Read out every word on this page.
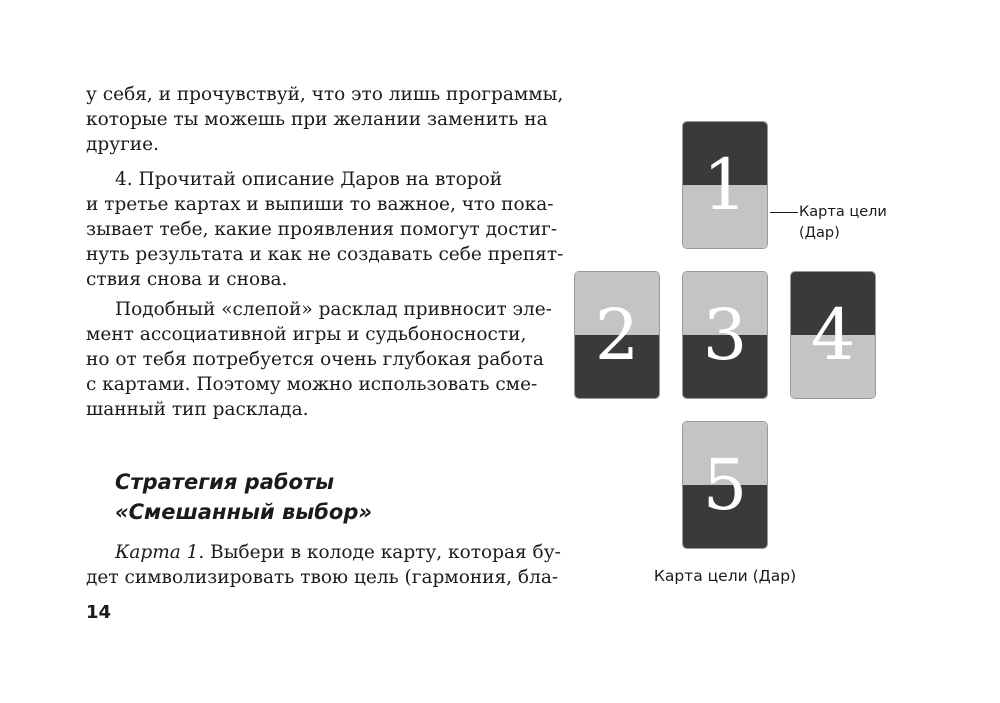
у себя, и прочувствуй, что это лишь программы,
которые ты можешь при желании заменить на
другие.
4. Прочитай описание Даров на второй
и третье картах и выпиши то важное, что пока-
зывает тебе, какие проявления помогут достиг-
нуть результата и как не создавать себе препят-
ствия снова и снова.
Подобный «слепой» расклад привносит эле-
мент ассоциативной игры и судьбоносности,
но от тебя потребуется очень глубокая работа
с картами. Поэтому можно использовать сме-
шанный тип расклада.
Стратегия работы
«Смешанный выбор»
Карта 1. Выбери в колоде карту, которая бу-
дет символизировать твою цель (гармония, бла-
14
1
2 3 4
5
Карта цели
(Дар)
Карта цели (Дар)
